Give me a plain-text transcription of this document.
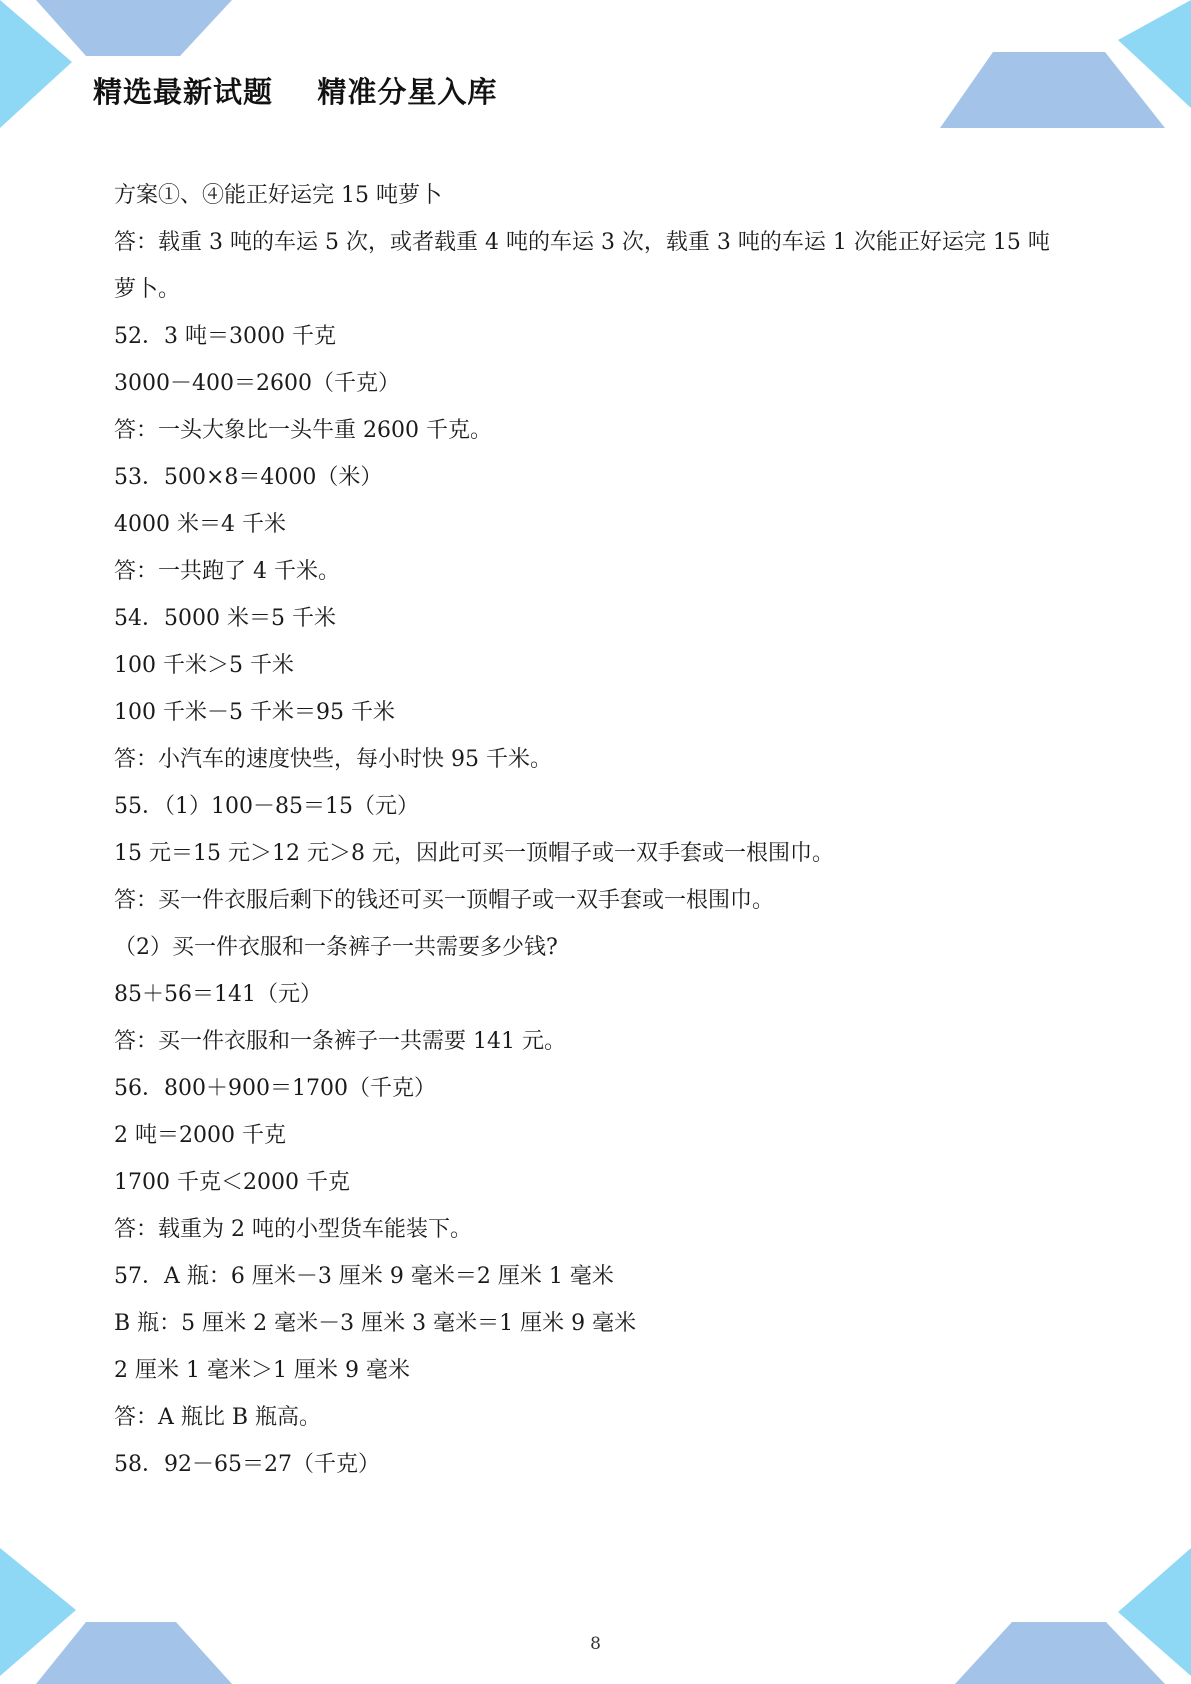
精选最新试题    精准分星入库
方案①、④能正好运完 15 吨萝卜
答：载重 3 吨的车运 5 次，或者载重 4 吨的车运 3 次，载重 3 吨的车运 1 次能正好运完 15 吨
萝卜。
52．3 吨＝3000 千克
3000－400＝2600（千克）
答：一头大象比一头牛重 2600 千克。
53．500×8＝4000（米）
4000 米＝4 千米
答：一共跑了 4 千米。
54．5000 米＝5 千米
100 千米＞5 千米
100 千米－5 千米＝95 千米
答：小汽车的速度快些，每小时快 95 千米。
55．（1）100－85＝15（元）
15 元＝15 元＞12 元＞8 元，因此可买一顶帽子或一双手套或一根围巾。
答：买一件衣服后剩下的钱还可买一顶帽子或一双手套或一根围巾。
（2）买一件衣服和一条裤子一共需要多少钱?
85＋56＝141（元）
答：买一件衣服和一条裤子一共需要 141 元。
56．800＋900＝1700（千克）
2 吨＝2000 千克
1700 千克＜2000 千克
答：载重为 2 吨的小型货车能装下。
57．A 瓶：6 厘米－3 厘米 9 毫米＝2 厘米 1 毫米
B 瓶：5 厘米 2 毫米－3 厘米 3 毫米＝1 厘米 9 毫米
2 厘米 1 毫米＞1 厘米 9 毫米
答：A 瓶比 B 瓶高。
58．92－65＝27（千克）
8
